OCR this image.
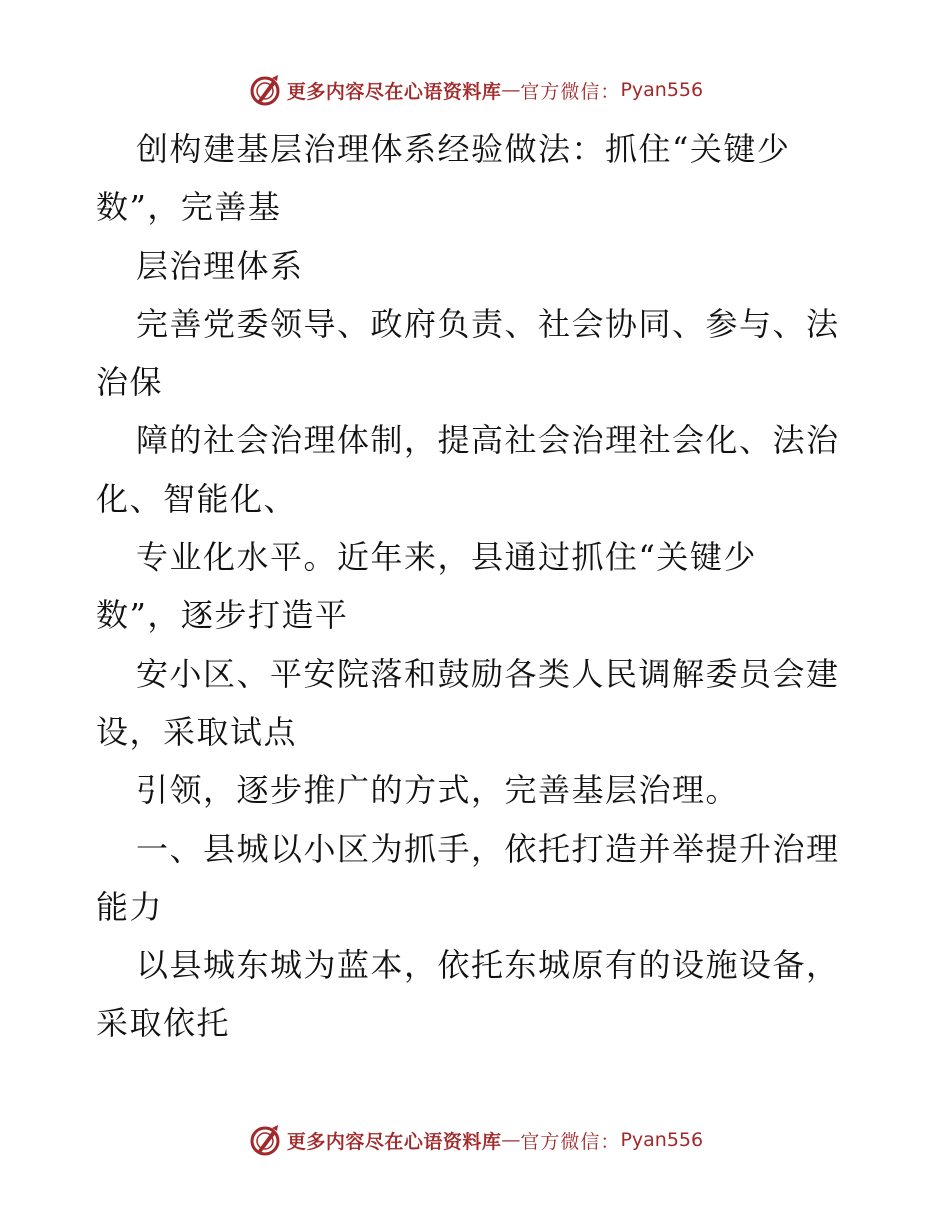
更多内容尽在心语资料库 — 官方微信： Pyan556
创构建基层治理体系经验做法：抓住“关键少
数”，完善基
层治理体系
完善党委领导、政府负责、社会协同、参与、法
治保
障的社会治理体制，提高社会治理社会化、法治
化、智能化、
专业化水平。近年来，县通过抓住“关键少
数”，逐步打造平
安小区、平安院落和鼓励各类人民调解委员会建
设，采取试点
引领，逐步推广的方式，完善基层治理。
一、县城以小区为抓手，依托打造并举提升治理
能力
以县城东城为蓝本，依托东城原有的设施设备，
采取依托
更多内容尽在心语资料库 — 官方微信： Pyan556
